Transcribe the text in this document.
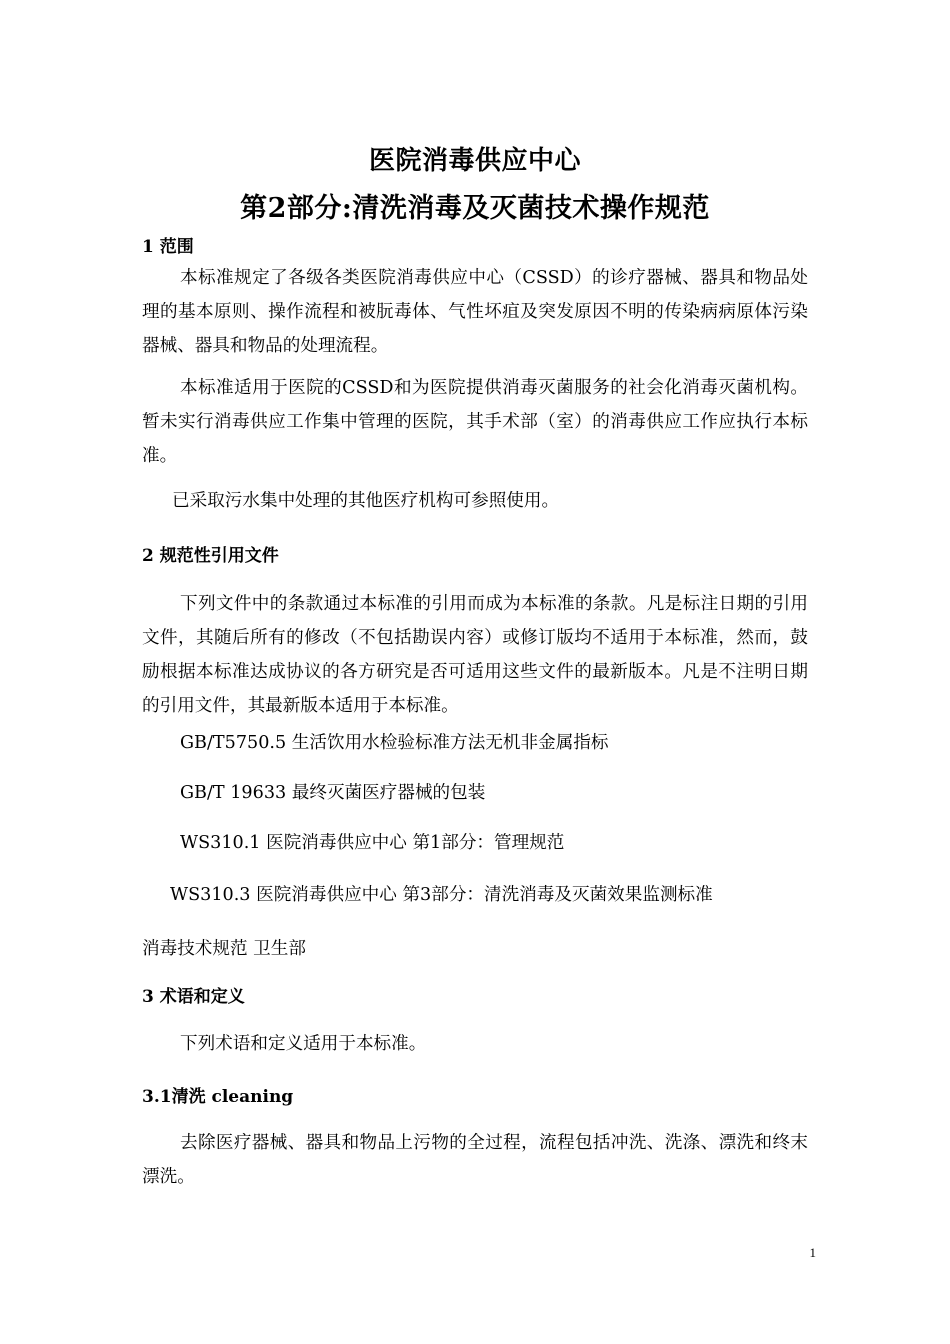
医院消毒供应中心
第2部分:清洗消毒及灭菌技术操作规范
1 范围
本标准规定了各级各类医院消毒供应中心（CSSD）的诊疗器械、器具和物品处理的基本原则、操作流程和被朊毒体、气性坏疽及突发原因不明的传染病病原体污染器械、器具和物品的处理流程。
本标准适用于医院的CSSD和为医院提供消毒灭菌服务的社会化消毒灭菌机构。暂未实行消毒供应工作集中管理的医院，其手术部（室）的消毒供应工作应执行本标准。
已采取污水集中处理的其他医疗机构可参照使用。
2 规范性引用文件
下列文件中的条款通过本标准的引用而成为本标准的条款。凡是标注日期的引用文件，其随后所有的修改（不包括勘误内容）或修订版均不适用于本标准，然而，鼓励根据本标准达成协议的各方研究是否可适用这些文件的最新版本。凡是不注明日期的引用文件，其最新版本适用于本标准。
GB/T5750.5 生活饮用水检验标准方法无机非金属指标
GB/T 19633 最终灭菌医疗器械的包装
WS310.1 医院消毒供应中心 第1部分：管理规范
WS310.3 医院消毒供应中心 第3部分：清洗消毒及灭菌效果监测标准
消毒技术规范 卫生部
3 术语和定义
下列术语和定义适用于本标准。
3.1清洗 cleaning
去除医疗器械、器具和物品上污物的全过程，流程包括冲洗、洗涤、漂洗和终末漂洗。
1
